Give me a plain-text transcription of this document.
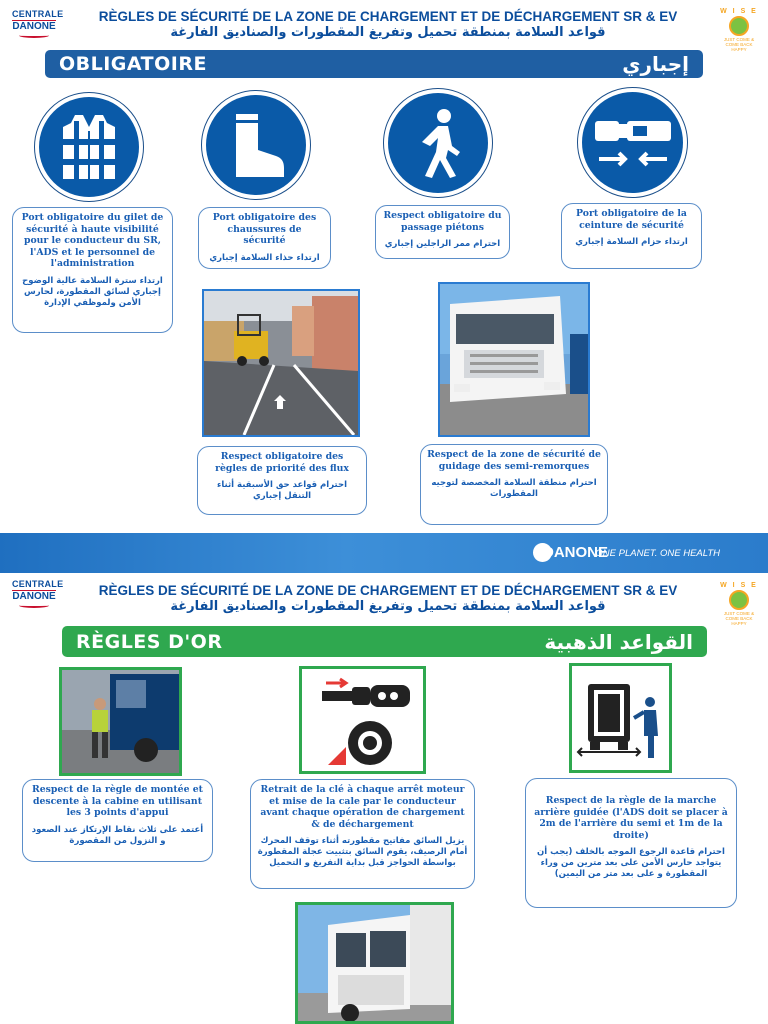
CENTRALE
DANONE
RÈGLES DE SÉCURITÉ DE LA ZONE DE CHARGEMENT ET DE DÉCHARGEMENT SR & EV
قواعد السلامة بمنطقة تحميل وتفريغ المقطورات والصناديق الفارغة
W I S E
JUST COME &
COME BACK HAPPY
OBLIGATOIRE	إجباري
Port obligatoire du gilet de sécurité à haute visibilité pour le conducteur du SR, l'ADS et le personnel de l'administration
ارتداء سترة السلامة عالية الوضوح إجباري لسائق المقطورة، لحارس الأمن ولموظفي الإدارة
Port obligatoire des chaussures de sécurité
ارتداء حذاء السلامة إجباري
Respect obligatoire du passage piétons
احترام ممر الراجلين إجباري
Port obligatoire de la ceinture de sécurité
ارتداء حزام السلامة إجباري
Respect obligatoire des règles de priorité des flux
احترام قواعد حق الأسبقية أثناء التنقل إجباري
Respect de la zone de sécurité de guidage des semi-remorques
احترام منطقة السلامة المخصصة لتوجيه المقطورات
DANONE
ONE PLANET. ONE HEALTH
CENTRALE
DANONE	RÈGLES DE SÉCURITÉ DE LA ZONE DE CHARGEMENT ET DE DÉCHARGEMENT SR & EV
قواعد السلامة بمنطقة تحميل وتفريغ المقطورات والصناديق الفارغة
W I S E
JUST COME &
COME BACK HAPPY
RÈGLES D'OR	القواعد الذهبية
Respect de la règle de montée et descente à la cabine en utilisant les 3 points d'appui
أعتمد على ثلاث نقاط الإرتكاز عند الصعود و النزول من المقصورة
Retrait de la clé à chaque arrêt moteur et mise de la cale par le conducteur avant chaque opération de chargement & de déchargement
يزيل السائق مفاتيح مقطورته أثناء توقف المحرك أمام الرصيف، يقوم السائق بتثبيت عجلة المقطورة بواسطة الحواجز قبل بداية التفريغ و التحميل
Respect de la règle de la marche arrière guidée (l'ADS doit se placer à 2m de l'arrière du semi et 1m de la droite)
احترام قاعدة الرجوع الموجه بالخلف (يجب أن يتواجد حارس الأمن على بعد مترين من وراء المقطورة و على بعد متر من اليمين)
